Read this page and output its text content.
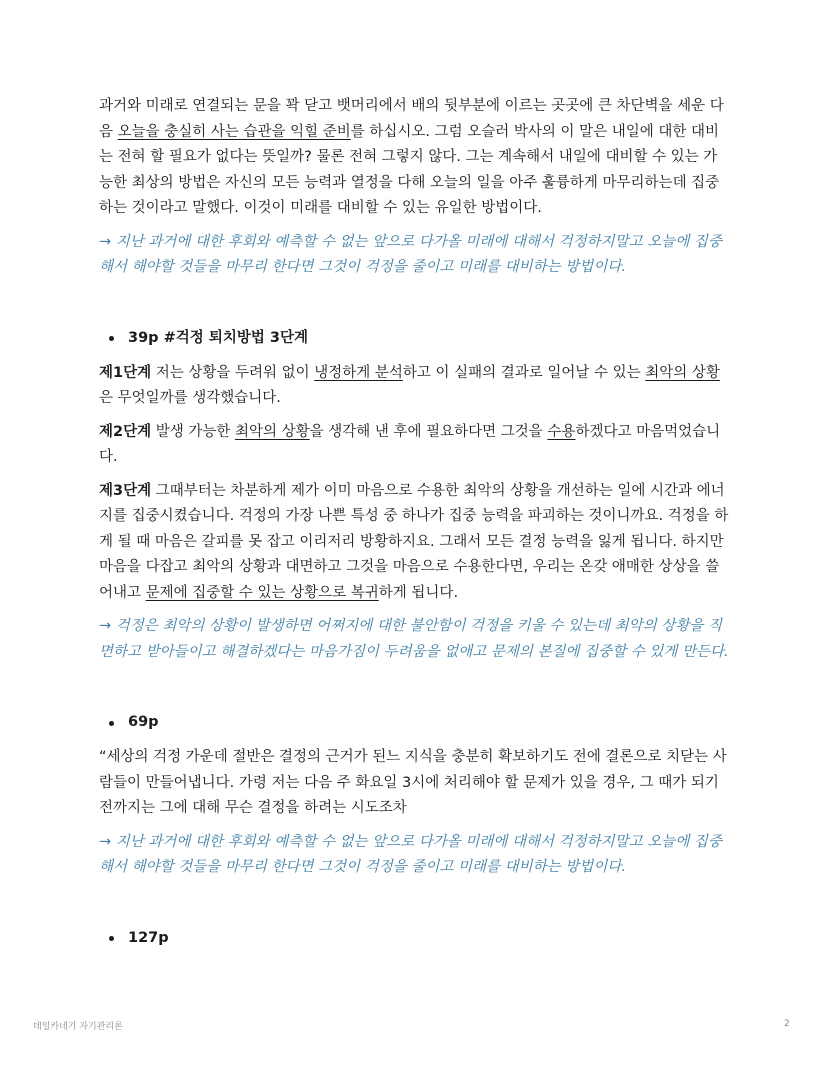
과거와 미래로 연결되는 문을 꽉 닫고 뱃머리에서 배의 뒷부분에 이르는 곳곳에 큰 차단벽을 세운 다음 오늘을 충실히 사는 습관을 익힐 준비를 하십시오. 그럼 오슬러 박사의 이 말은 내일에 대한 대비는 전혀 할 필요가 없다는 뜻일까? 물론 전혀 그렇지 않다. 그는 계속해서 내일에 대비할 수 있는 가능한 최상의 방법은 자신의 모든 능력과 열정을 다해 오늘의 일을 아주 훌륭하게 마무리하는데 집중하는 것이라고 말했다. 이것이 미래를 대비할 수 있는 유일한 방법이다.

→ 지난 과거에 대한 후회와 예측할 수 없는 앞으로 다가올 미래에 대해서 걱정하지말고 오늘에 집중해서 해야할 것들을 마무리 한다면 그것이 걱정을 줄이고 미래를 대비하는 방법이다.

39p #걱정 퇴치방법 3단계

제1단계 저는 상황을 두려워 없이 냉정하게 분석하고 이 실패의 결과로 일어날 수 있는 최악의 상황은 무엇일까를 생각했습니다.

제2단계 발생 가능한 최악의 상황을 생각해 낸 후에 필요하다면 그것을 수용하겠다고 마음먹었습니다.

제3단계 그때부터는 차분하게 제가 이미 마음으로 수용한 최악의 상황을 개선하는 일에 시간과 에너지를 집중시켰습니다. 걱정의 가장 나쁜 특성 중 하나가 집중 능력을 파괴하는 것이니까요. 걱정을 하게 될 때 마음은 갈피를 못 잡고 이리저리 방황하지요. 그래서 모든 결정 능력을 잃게 됩니다. 하지만 마음을 다잡고 최악의 상황과 대면하고 그것을 마음으로 수용한다면, 우리는 온갖 애매한 상상을 쓸어내고 문제에 집중할 수 있는 상황으로 복귀하게 됩니다.

→ 걱정은 최악의 상황이 발생하면 어쩌지에 대한 불안함이 걱정을 키울 수 있는데 최악의 상황을 직면하고 받아들이고 해결하겠다는 마음가짐이 두려움을 없애고 문제의 본질에 집중할 수 있게 만든다.

69p

“세상의 걱정 가운데 절반은 결정의 근거가 된느 지식을 충분히 확보하기도 전에 결론으로 치닫는 사람들이 만들어냅니다. 가령 저는 다음 주 화요일 3시에 처리해야 할 문제가 있을 경우, 그 때가 되기 전까지는 그에 대해 무슨 결정을 하려는 시도조차

→ 지난 과거에 대한 후회와 예측할 수 없는 앞으로 다가올 미래에 대해서 걱정하지말고 오늘에 집중해서 해야할 것들을 마무리 한다면 그것이 걱정을 줄이고 미래를 대비하는 방법이다.

127p
데일카네기 자기관리론	2
